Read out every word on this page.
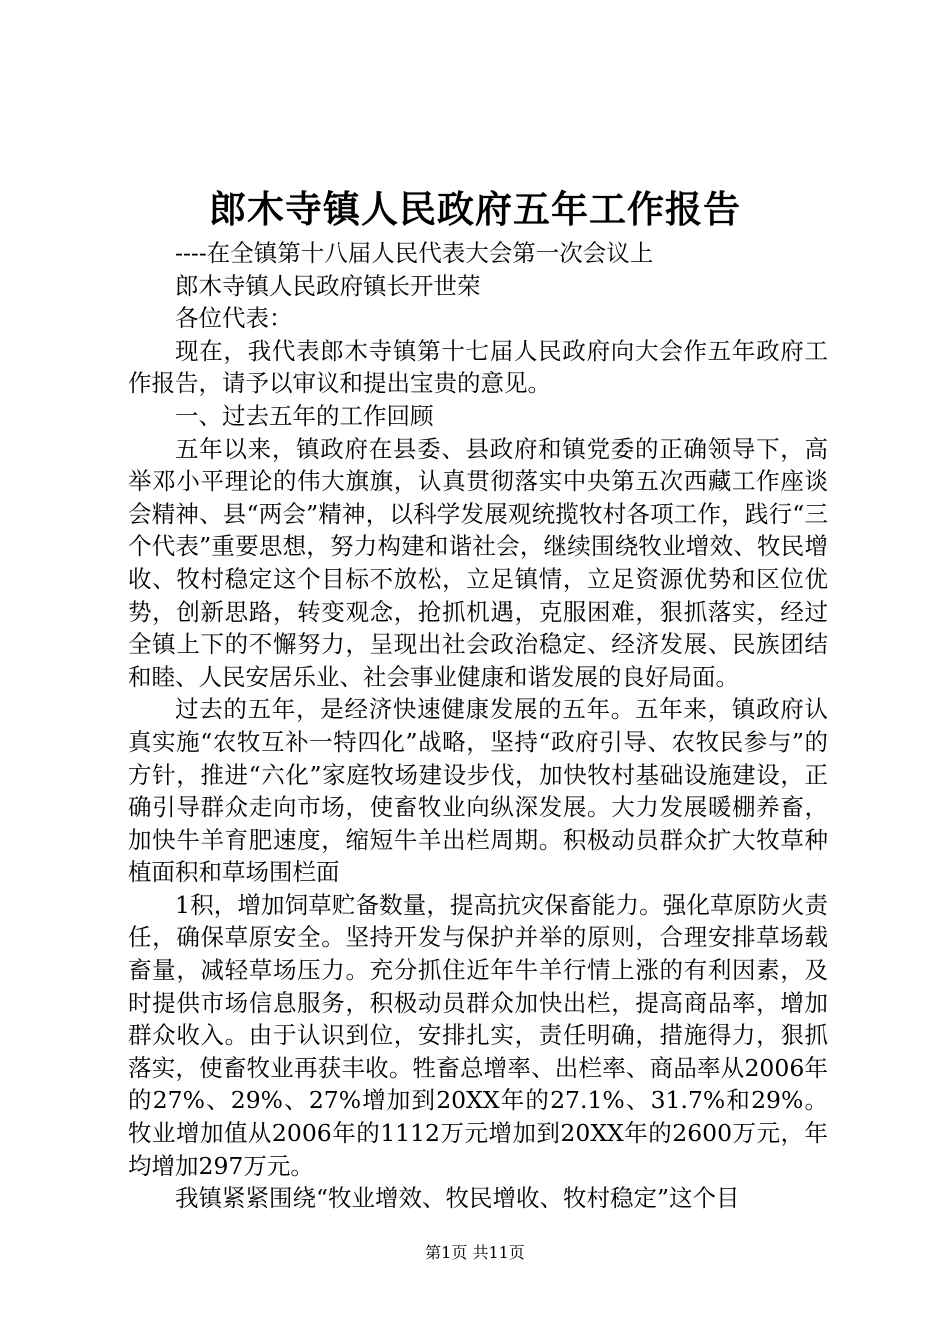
郎木寺镇人民政府五年工作报告

----在全镇第十八届人民代表大会第一次会议上

郎木寺镇人民政府镇长开世荣

各位代表：

现在，我代表郎木寺镇第十七届人民政府向大会作五年政府工作报告，请予以审议和提出宝贵的意见。

一、过去五年的工作回顾

五年以来，镇政府在县委、县政府和镇党委的正确领导下，高举邓小平理论的伟大旗旗，认真贯彻落实中央第五次西藏工作座谈会精神、县“两会”精神，以科学发展观统揽牧村各项工作，践行“三个代表”重要思想，努力构建和谐社会，继续围绕牧业增效、牧民增收、牧村稳定这个目标不放松，立足镇情，立足资源优势和区位优势，创新思路，转变观念，抢抓机遇，克服困难，狠抓落实，经过全镇上下的不懈努力，呈现出社会政治稳定、经济发展、民族团结和睦、人民安居乐业、社会事业健康和谐发展的良好局面。

过去的五年，是经济快速健康发展的五年。五年来，镇政府认真实施“农牧互补一特四化”战略，坚持“政府引导、农牧民参与”的方针，推进“六化”家庭牧场建设步伐，加快牧村基础设施建设，正确引导群众走向市场，使畜牧业向纵深发展。大力发展暖棚养畜，加快牛羊育肥速度，缩短牛羊出栏周期。积极动员群众扩大牧草种植面积和草场围栏面

1积，增加饲草贮备数量，提高抗灾保畜能力。强化草原防火责任，确保草原安全。坚持开发与保护并举的原则，合理安排草场载畜量，减轻草场压力。充分抓住近年牛羊行情上涨的有利因素，及时提供市场信息服务，积极动员群众加快出栏，提高商品率，增加群众收入。由于认识到位，安排扎实，责任明确，措施得力，狠抓落实，使畜牧业再获丰收。牲畜总增率、出栏率、商品率从2006年的27%、29%、27%增加到20XX年的27.1%、31.7%和29%。牧业增加值从2006年的1112万元增加到20XX年的2600万元，年均增加297万元。

我镇紧紧围绕“牧业增效、牧民增收、牧村稳定”这个目

第1页 共11页
